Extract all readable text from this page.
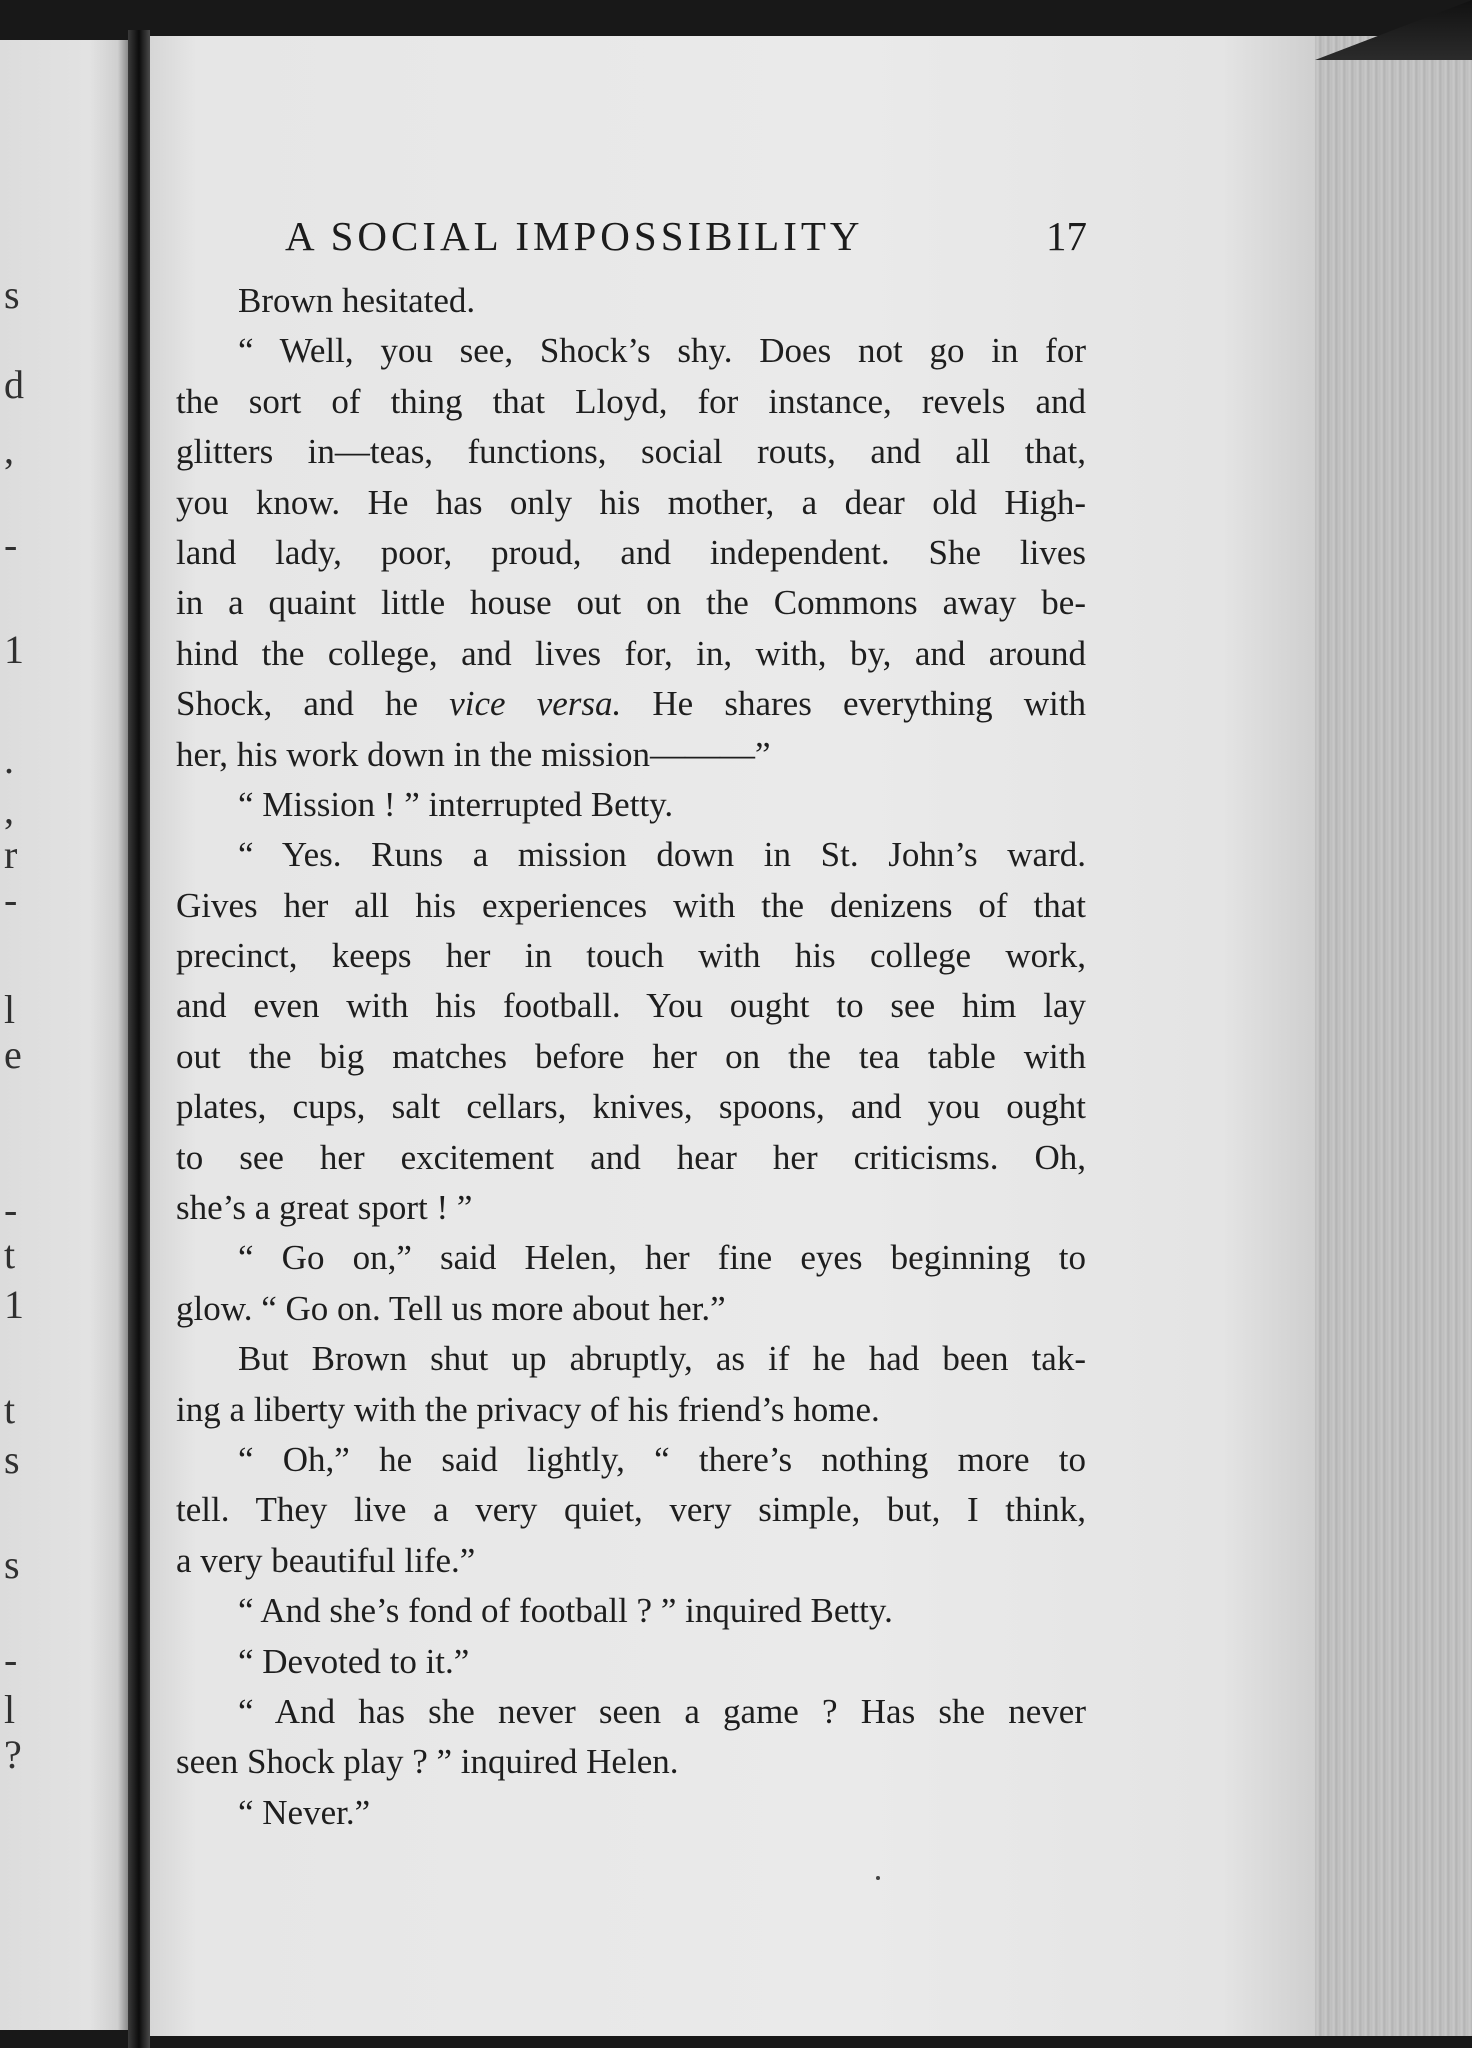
s
d
,
-
1
.
,
r
-
l
e
-
t
1
t
s
s
-
l
?
A SOCIAL IMPOSSIBILITY	17
Brown hesitated.
“ Well, you see, Shock’s shy. Does not go in for
the sort of thing that Lloyd, for instance, revels and
glitters in—teas, functions, social routs, and all that,
you know. He has only his mother, a dear old High-
land lady, poor, proud, and independent. She lives
in a quaint little house out on the Commons away be-
hind the college, and lives for, in, with, by, and around
Shock, and he vice versa. He shares everything with
her, his work down in the mission———”
“ Mission ! ” interrupted Betty.
“ Yes. Runs a mission down in St. John’s ward.
Gives her all his experiences with the denizens of that
precinct, keeps her in touch with his college work,
and even with his football. You ought to see him lay
out the big matches before her on the tea table with
plates, cups, salt cellars, knives, spoons, and you ought
to see her excitement and hear her criticisms. Oh,
she’s a great sport ! ”
“ Go on,” said Helen, her fine eyes beginning to
glow. “ Go on. Tell us more about her.”
But Brown shut up abruptly, as if he had been tak-
ing a liberty with the privacy of his friend’s home.
“ Oh,” he said lightly, “ there’s nothing more to
tell. They live a very quiet, very simple, but, I think,
a very beautiful life.”
“ And she’s fond of football ? ” inquired Betty.
“ Devoted to it.”
“ And has she never seen a game ? Has she never
seen Shock play ? ” inquired Helen.
“ Never.”
